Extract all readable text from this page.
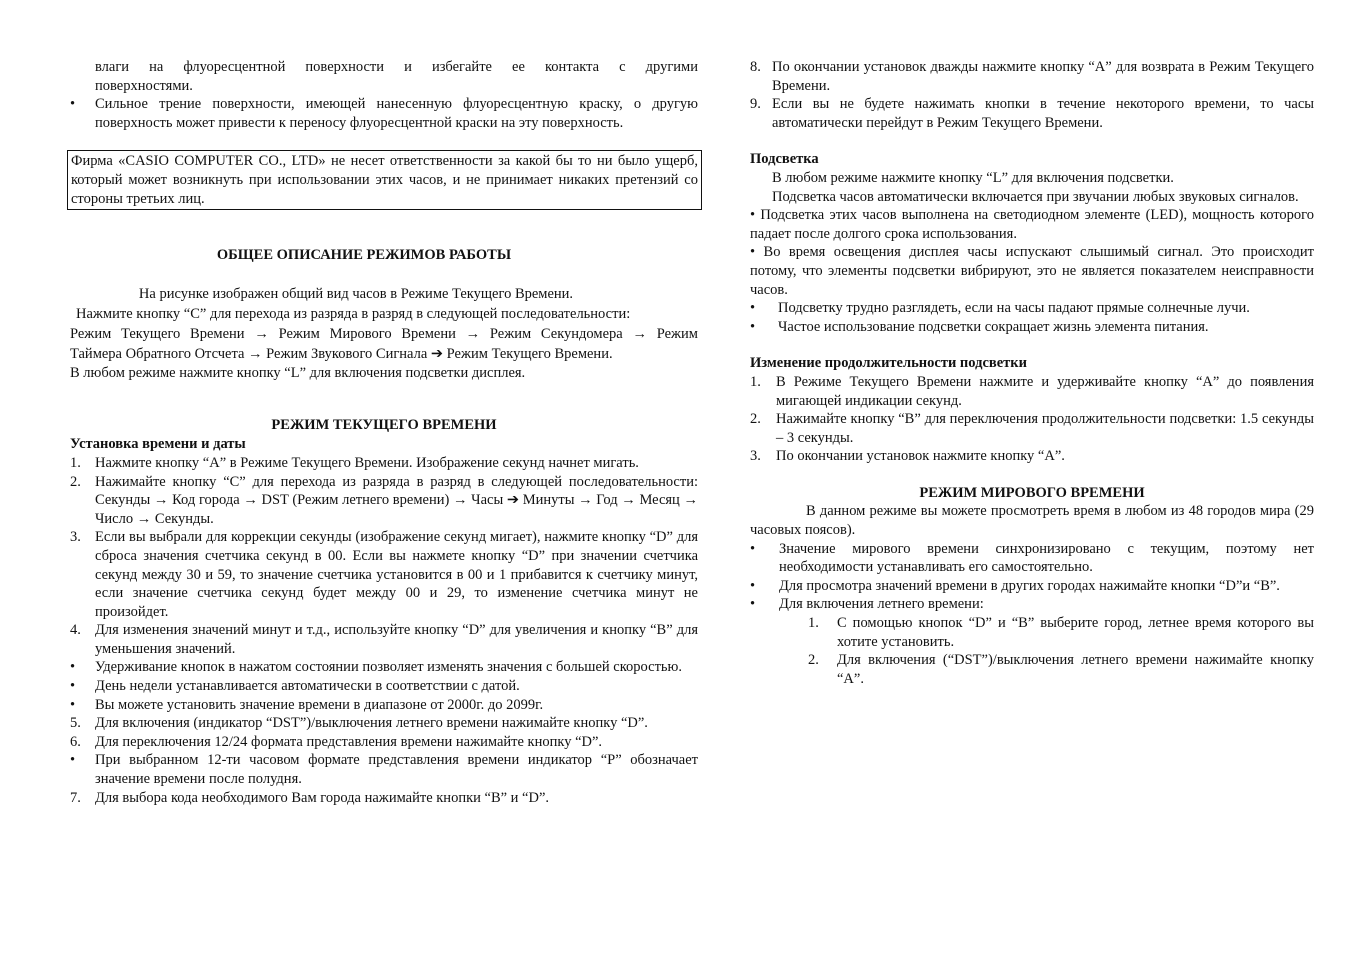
влаги на флуоресцентной поверхности и избегайте ее контакта с другими

поверхностями.

•	Сильное трение поверхности, имеющей нанесенную флуоресцентную краску, о другую поверхность может привести к переносу флуоресцентной краски на эту поверхность.

Фирма «CASIO COMPUTER CO., LTD» не несет ответственности за какой бы то ни было ущерб, который может возникнуть при использовании этих часов, и не принимает никаких претензий со стороны третьих лиц.

ОБЩЕЕ ОПИСАНИЕ РЕЖИМОВ РАБОТЫ

На рисунке изображен общий вид часов в Режиме Текущего Времени.

Нажмите кнопку “C” для перехода из разряда в разряд в следующей последовательности:

Режим Текущего Времени → Режим Мирового Времени → Режим Секундомера → Режим

Таймера Обратного Отсчета → Режим Звукового Сигнала ➔ Режим Текущего Времени.

В любом режиме нажмите кнопку “L” для включения подсветки дисплея.

РЕЖИМ ТЕКУЩЕГО ВРЕМЕНИ

Установка времени и даты

1. Нажмите кнопку “A” в Режиме Текущего Времени. Изображение секунд начнет мигать.
2. Нажимайте кнопку “C” для перехода из разряда в разряд в следующей последовательности: Секунды → Код города → DST (Режим летнего времени) → Часы ➔ Минуты → Год → Месяц → Число → Секунды.
3. Если вы выбрали для коррекции секунды (изображение секунд мигает), нажмите кнопку “D” для сброса значения счетчика секунд в 00. Если вы нажмете кнопку “D” при значении счетчика секунд между 30 и 59, то значение счетчика установится в 00 и 1 прибавится к счетчику минут, если значение счетчика секунд будет между 00 и 29, то изменение счетчика минут не произойдет.
4. Для изменения значений минут и т.д., используйте кнопку “D” для увеличения и кнопку “B” для уменьшения значений.
•	Удерживание кнопок в нажатом состоянии позволяет изменять значения с большей скоростью.
•	День недели устанавливается автоматически в соответствии с датой.
•	Вы можете установить значение времени в диапазоне от 2000г. до 2099г.
5. Для включения (индикатор “DST”)/выключения летнего времени нажимайте кнопку “D”.
6. Для переключения 12/24 формата представления времени нажимайте кнопку “D”.
•	При выбранном 12-ти часовом формате представления времени индикатор “P” обозначает значение времени после полудня.
7. Для выбора кода необходимого Вам города нажимайте кнопки “B” и “D”.
8. По окончании установок дважды нажмите кнопку “A” для возврата в Режим Текущего Времени.
9. Если вы не будете нажимать кнопки в течение некоторого времени, то часы автоматически перейдут в Режим Текущего Времени.

Подсветка

В любом режиме нажмите кнопку “L” для включения подсветки.

Подсветка часов автоматически включается при звучании любых звуковых сигналов.

• Подсветка этих часов выполнена на светодиодном элементе (LED), мощность которого падает после долгого срока использования.

• Во время освещения дисплея часы испускают слышимый сигнал. Это происходит потому, что элементы подсветки вибрируют, это не является показателем неисправности часов.

•	Подсветку трудно разглядеть, если на часы падают прямые солнечные лучи.
•	Частое использование подсветки сокращает жизнь элемента питания.

Изменение продолжительности подсветки

1.	В Режиме Текущего Времени нажмите и удерживайте кнопку “A” до появления мигающей индикации секунд.
2.	Нажимайте кнопку “B” для переключения продолжительности подсветки: 1.5 секунды – 3 секунды.
3.	По окончании установок нажмите кнопку “A”.

РЕЖИМ МИРОВОГО ВРЕМЕНИ

В данном режиме вы можете просмотреть время в любом из 48 городов мира (29 часовых поясов).

•	Значение мирового времени синхронизировано с текущим, поэтому нет необходимости устанавливать его самостоятельно.
•	Для просмотра значений времени в других городах нажимайте кнопки “D”и “B”.
•	Для включения летнего времени:
1.	С помощью кнопок “D” и “B” выберите город, летнее время которого вы хотите установить.
2.	Для включения (“DST”)/выключения летнего времени нажимайте кнопку “A”.
